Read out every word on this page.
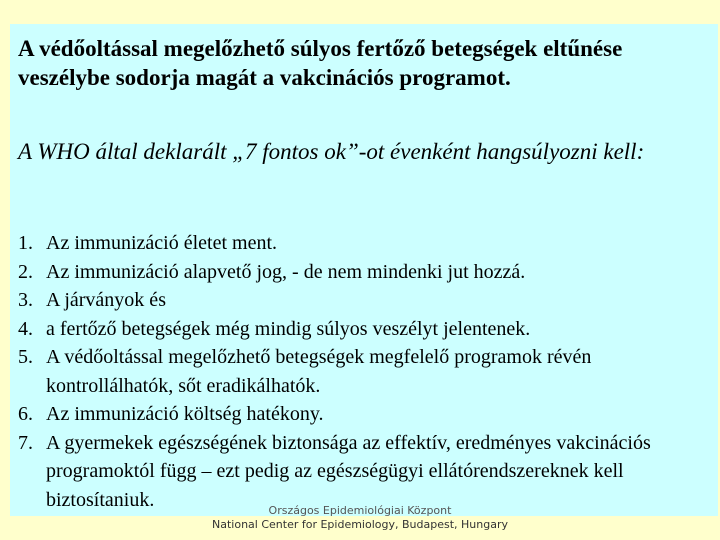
A védőoltással megelőzhető súlyos fertőző betegségek eltűnése veszélybe sodorja magát a vakcinációs programot.

A WHO által deklarált „7 fontos ok”-ot évenként hangsúlyozni kell:

1. Az immunizáció életet ment.
2. Az immunizáció alapvető jog, - de nem mindenki jut hozzá.
3. A járványok és
4. a fertőző betegségek még mindig súlyos veszélyt jelentenek.
5. A védőoltással megelőzhető betegségek megfelelő programok révén kontrollálhatók, sőt eradikálhatók.
6. Az immunizáció költség hatékony.
7. A gyermekek egészségének biztonsága az effektív, eredményes vakcinációs programoktól függ – ezt pedig az egészségügyi ellátórendszereknek kell biztosítaniuk.	Országos Epidemiológiai Központ
National Center for Epidemiology, Budapest, Hungary
